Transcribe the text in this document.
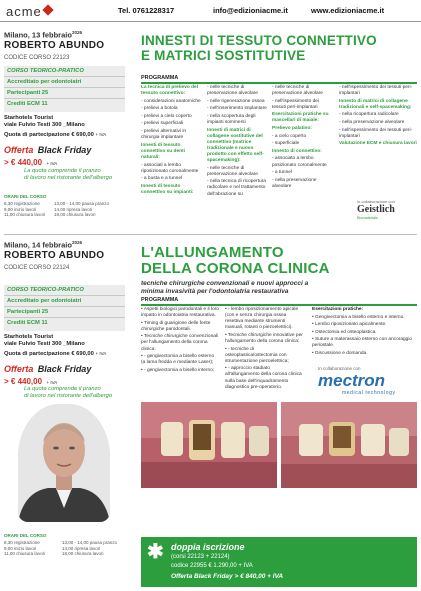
acme	Tel. 0761228317	info@edizioniacme.it	www.edizioniacme.it
Milano, 13 febbraio$^{2026}$
ROBERTO ABUNDO
CODICE CORSO 22123
CORSO TEORICO-PRATICO
Accreditato per odontoiatri
Partecipanti 25
Crediti ECM 11
Starhotels Tourist
viale Fulvio Testi 300 _Milano
Quota di partecipazione € 690,00 + IVA
Offerta Black Friday
> € 440,00 + IVA
La quota comprende il pranzo
di lavoro nel ristorante dell'albergo
ORARI DEL CORSO
8,30 registrazione
9,00 inizio lavori
11,00 chiusura lavori
13,00 - 14,00 pausa pranzo
14,00 ripresa lavori
18,00 chiusura lavori
INNESTI DI TESSUTO CONNETTIVO
E MATRICI SOSTITUTIVE
PROGRAMMA

La tecnica di prelievo del tessuto connettivo:

- considerazioni anatomiche

- prelievi a botola

- prelievi a cielo coperto

- prelievi superficiali

- prelievi alternativi in chirurgia implantare

Innesti di tessuto connettivo su denti naturali:

- associati a lembo riposizionato coronalmente

- a busta e a tunnel

Innesti di tessuto connettivo su impianti:

- nelle tecniche di preservazione alveolare

- nelle rigenerazione ossea

- nell'inserimento implantare

- nella scopertura degli impianti sommersi

Innesti di matrici di collagene sostitutive del connettivo (matrice tradizionale e nuovo prodotto con effetto self-spacemaking):

- nelle tecniche di preservazione alveolare

- nella tecnica di ricopertura radicolare e nel trattamento dell'abrazione su

- nelle tecniche di preservazione alveolare

- nell'ispessimento dei tessuti peri-implantari

Esercitazioni pratiche su mascellari di maiale:

Prelievo palatino:

- a cielo coperto

- superficiale

Innesto di connettivo:

- associato a lembo posizionato coronalmente

- a tunnel

- nella preservazione alveolare

- nell'ispessimento dei tessuti peri-implantari

Innesto di matrici di collagene tradizionali e self-spacemaking:

- nella ricopertura radicolare

- nella preservazione alveolare

- nell'ispessimento dei tessuti peri-implantari

Valutazione ECM e chiusura lavori

In collaborazione con
Geistlich
Biomaterials
Milano, 14 febbraio$^{2026}$
ROBERTO ABUNDO
CODICE CORSO 22124
CORSO TEORICO-PRATICO
Accreditato per odontoiatri
Partecipanti 25
Crediti ECM 11
Starhotels Tourist
viale Fulvio Testi 300 _Milano
Quota di partecipazione € 690,00 + IVA
Offerta Black Friday
> € 440,00 + IVA
La quota comprende il pranzo
di lavoro nel ristorante dell'albergo
ORARI DEL CORSO
8,30 registrazione
9,00 inizio lavori
11,00 chiusura lavori
13,00 - 14,00 pausa pranzo
14,00 ripresa lavori
18,00 chiusura lavori
L'ALLUNGAMENTO
DELLA CORONA CLINICA
tecniche chirurgiche convenzionali e nuovi approcci a
minima invasività per l'odontoiatria restaurativa
PROGRAMMA

• Aspetti biologici parodontali e il loro impatto in odontoiatria restaurativa.

• Timing di guarigione delle ferite chirurgiche parodontali.

• Tecniche chirurgiche convenzionali per l'allungamento della corona clinica:

• - gengivectomia a bisello esterno (a lama fredda e mediante Laser);

• - gengivectomia a bisello interno;

• - lembo riposizionamento apicale (con e senza chirurgia ossea resettiva mediante strumenti manuali, rotanti o piezoelettrici).

• Tecniche chirurgiche innovative per l'allungamento della corona clinica:

• - tecniche di osteoplastica/ostectomia con strumentazione piezoelettrica;

• - approccio stadiato all'allungamento della corona clinica sulla base dell'inquadramento diagnostico pre-operatorio.

Esercitazioni pratiche:

• Gengivectomia a bisello esterno e interno.

• Lembo riposizionato apicalmente.

• Ostectomia ed osteoplastica.

• Suture a materassaio esterno con ancoraggio periostale.

• Discussione e domanda.

In collaborazione con
mectron
medical technology
✱ doppia iscrizione
(corsi 22123 + 22124)
codice 22955 € 1.290,00 + IVA
Offerta Black Friday > € 840,00 + IVA
